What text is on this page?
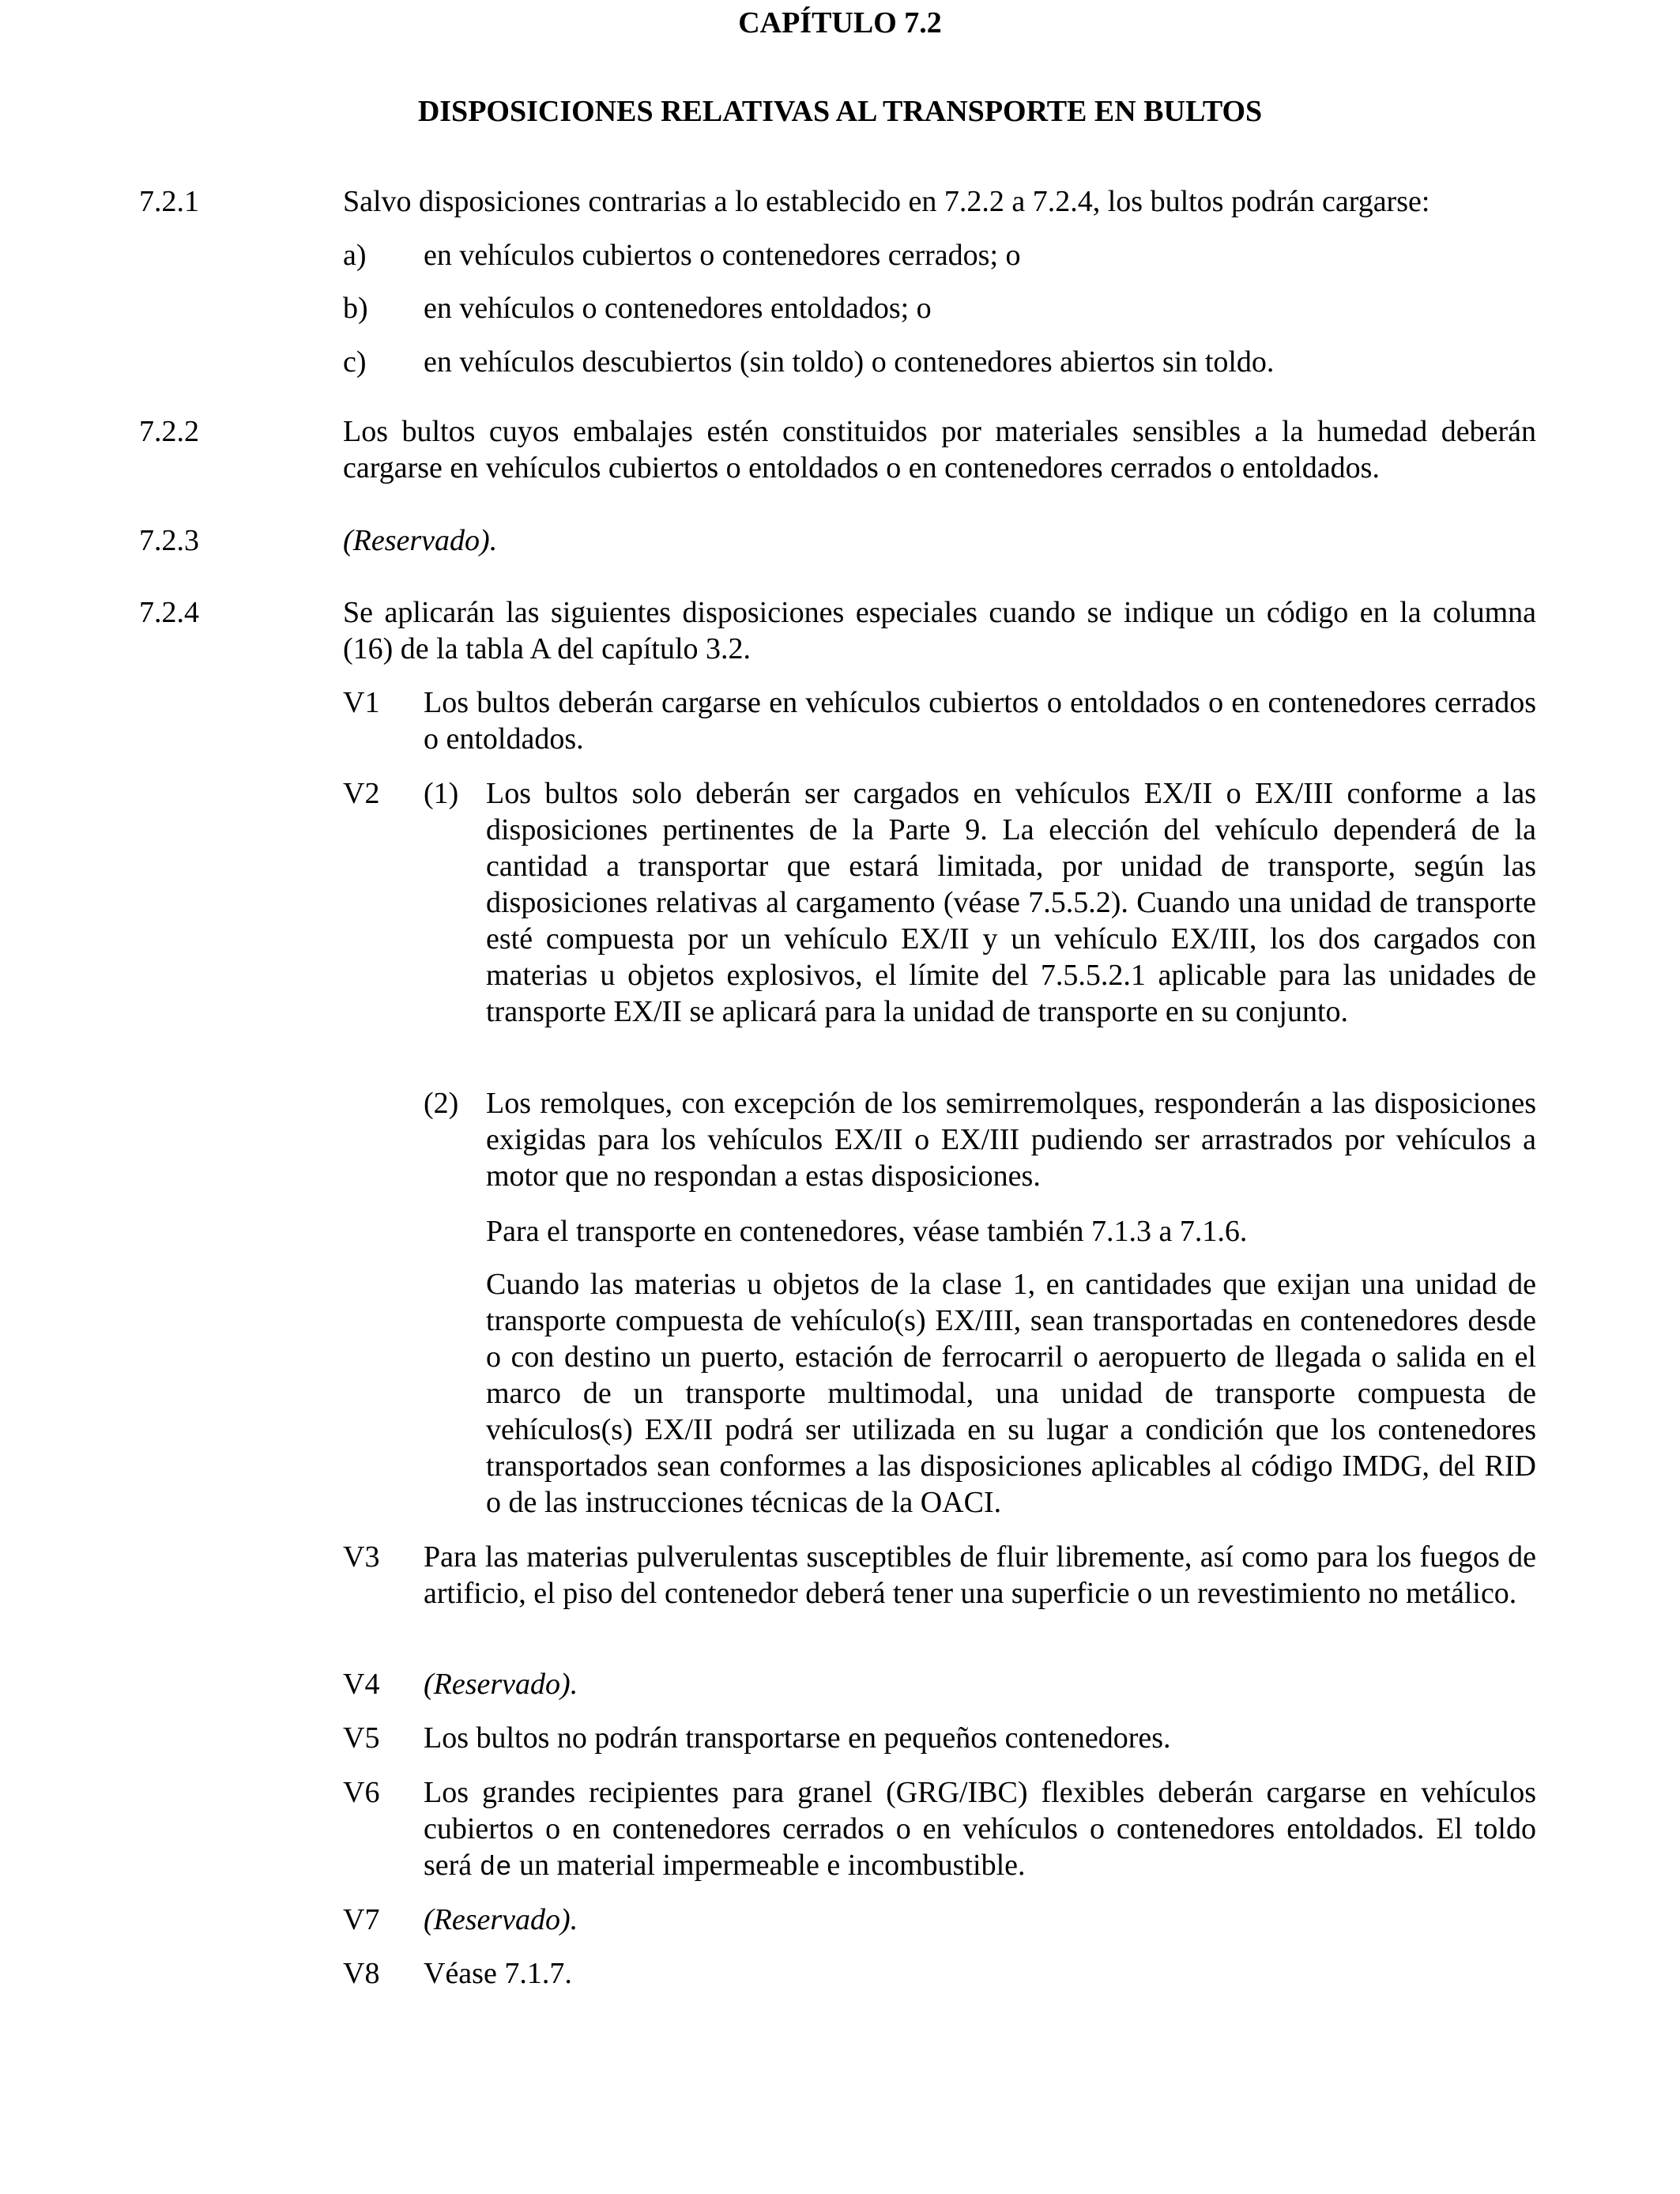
CAPÍTULO 7.2
DISPOSICIONES RELATIVAS AL TRANSPORTE EN BULTOS
7.2.1	Salvo disposiciones contrarias a lo establecido en 7.2.2 a 7.2.4, los bultos podrán cargarse:
a) en vehículos cubiertos o contenedores cerrados; o
b) en vehículos o contenedores entoldados; o
c) en vehículos descubiertos (sin toldo) o contenedores abiertos sin toldo.
7.2.2	Los bultos cuyos embalajes estén constituidos por materiales sensibles a la humedad deberán cargarse en vehículos cubiertos o entoldados o en contenedores cerrados o entoldados.
7.2.3	(Reservado).
7.2.4	Se aplicarán las siguientes disposiciones especiales cuando se indique un código en la columna (16) de la tabla A del capítulo 3.2.
V1 Los bultos deberán cargarse en vehículos cubiertos o entoldados o en contenedores cerrados o entoldados.
V2 (1) Los bultos solo deberán ser cargados en vehículos EX/II o EX/III conforme a las disposiciones pertinentes de la Parte 9. La elección del vehículo dependerá de la cantidad a transportar que estará limitada, por unidad de transporte, según las disposiciones relativas al cargamento (véase 7.5.5.2). Cuando una unidad de transporte esté compuesta por un vehículo EX/II y un vehículo EX/III, los dos cargados con materias u objetos explosivos, el límite del 7.5.5.2.1 aplicable para las unidades de transporte EX/II se aplicará para la unidad de transporte en su conjunto.
(2) Los remolques, con excepción de los semirremolques, responderán a las disposiciones exigidas para los vehículos EX/II o EX/III pudiendo ser arrastrados por vehículos a motor que no respondan a estas disposiciones.
Para el transporte en contenedores, véase también 7.1.3 a 7.1.6.
Cuando las materias u objetos de la clase 1, en cantidades que exijan una unidad de transporte compuesta de vehículo(s) EX/III, sean transportadas en contenedores desde o con destino un puerto, estación de ferrocarril o aeropuerto de llegada o salida en el marco de un transporte multimodal, una unidad de transporte compuesta de vehículos(s) EX/II podrá ser utilizada en su lugar a condición que los contenedores transportados sean conformes a las disposiciones aplicables al código IMDG, del RID o de las instrucciones técnicas de la OACI.
V3 Para las materias pulverulentas susceptibles de fluir libremente, así como para los fuegos de artificio, el piso del contenedor deberá tener una superficie o un revestimiento no metálico.
V4 (Reservado).
V5 Los bultos no podrán transportarse en pequeños contenedores.
V6 Los grandes recipientes para granel (GRG/IBC) flexibles deberán cargarse en vehículos cubiertos o en contenedores cerrados o en vehículos o contenedores entoldados. El toldo será de un material impermeable e incombustible.
V7 (Reservado).
V8 Véase 7.1.7.
